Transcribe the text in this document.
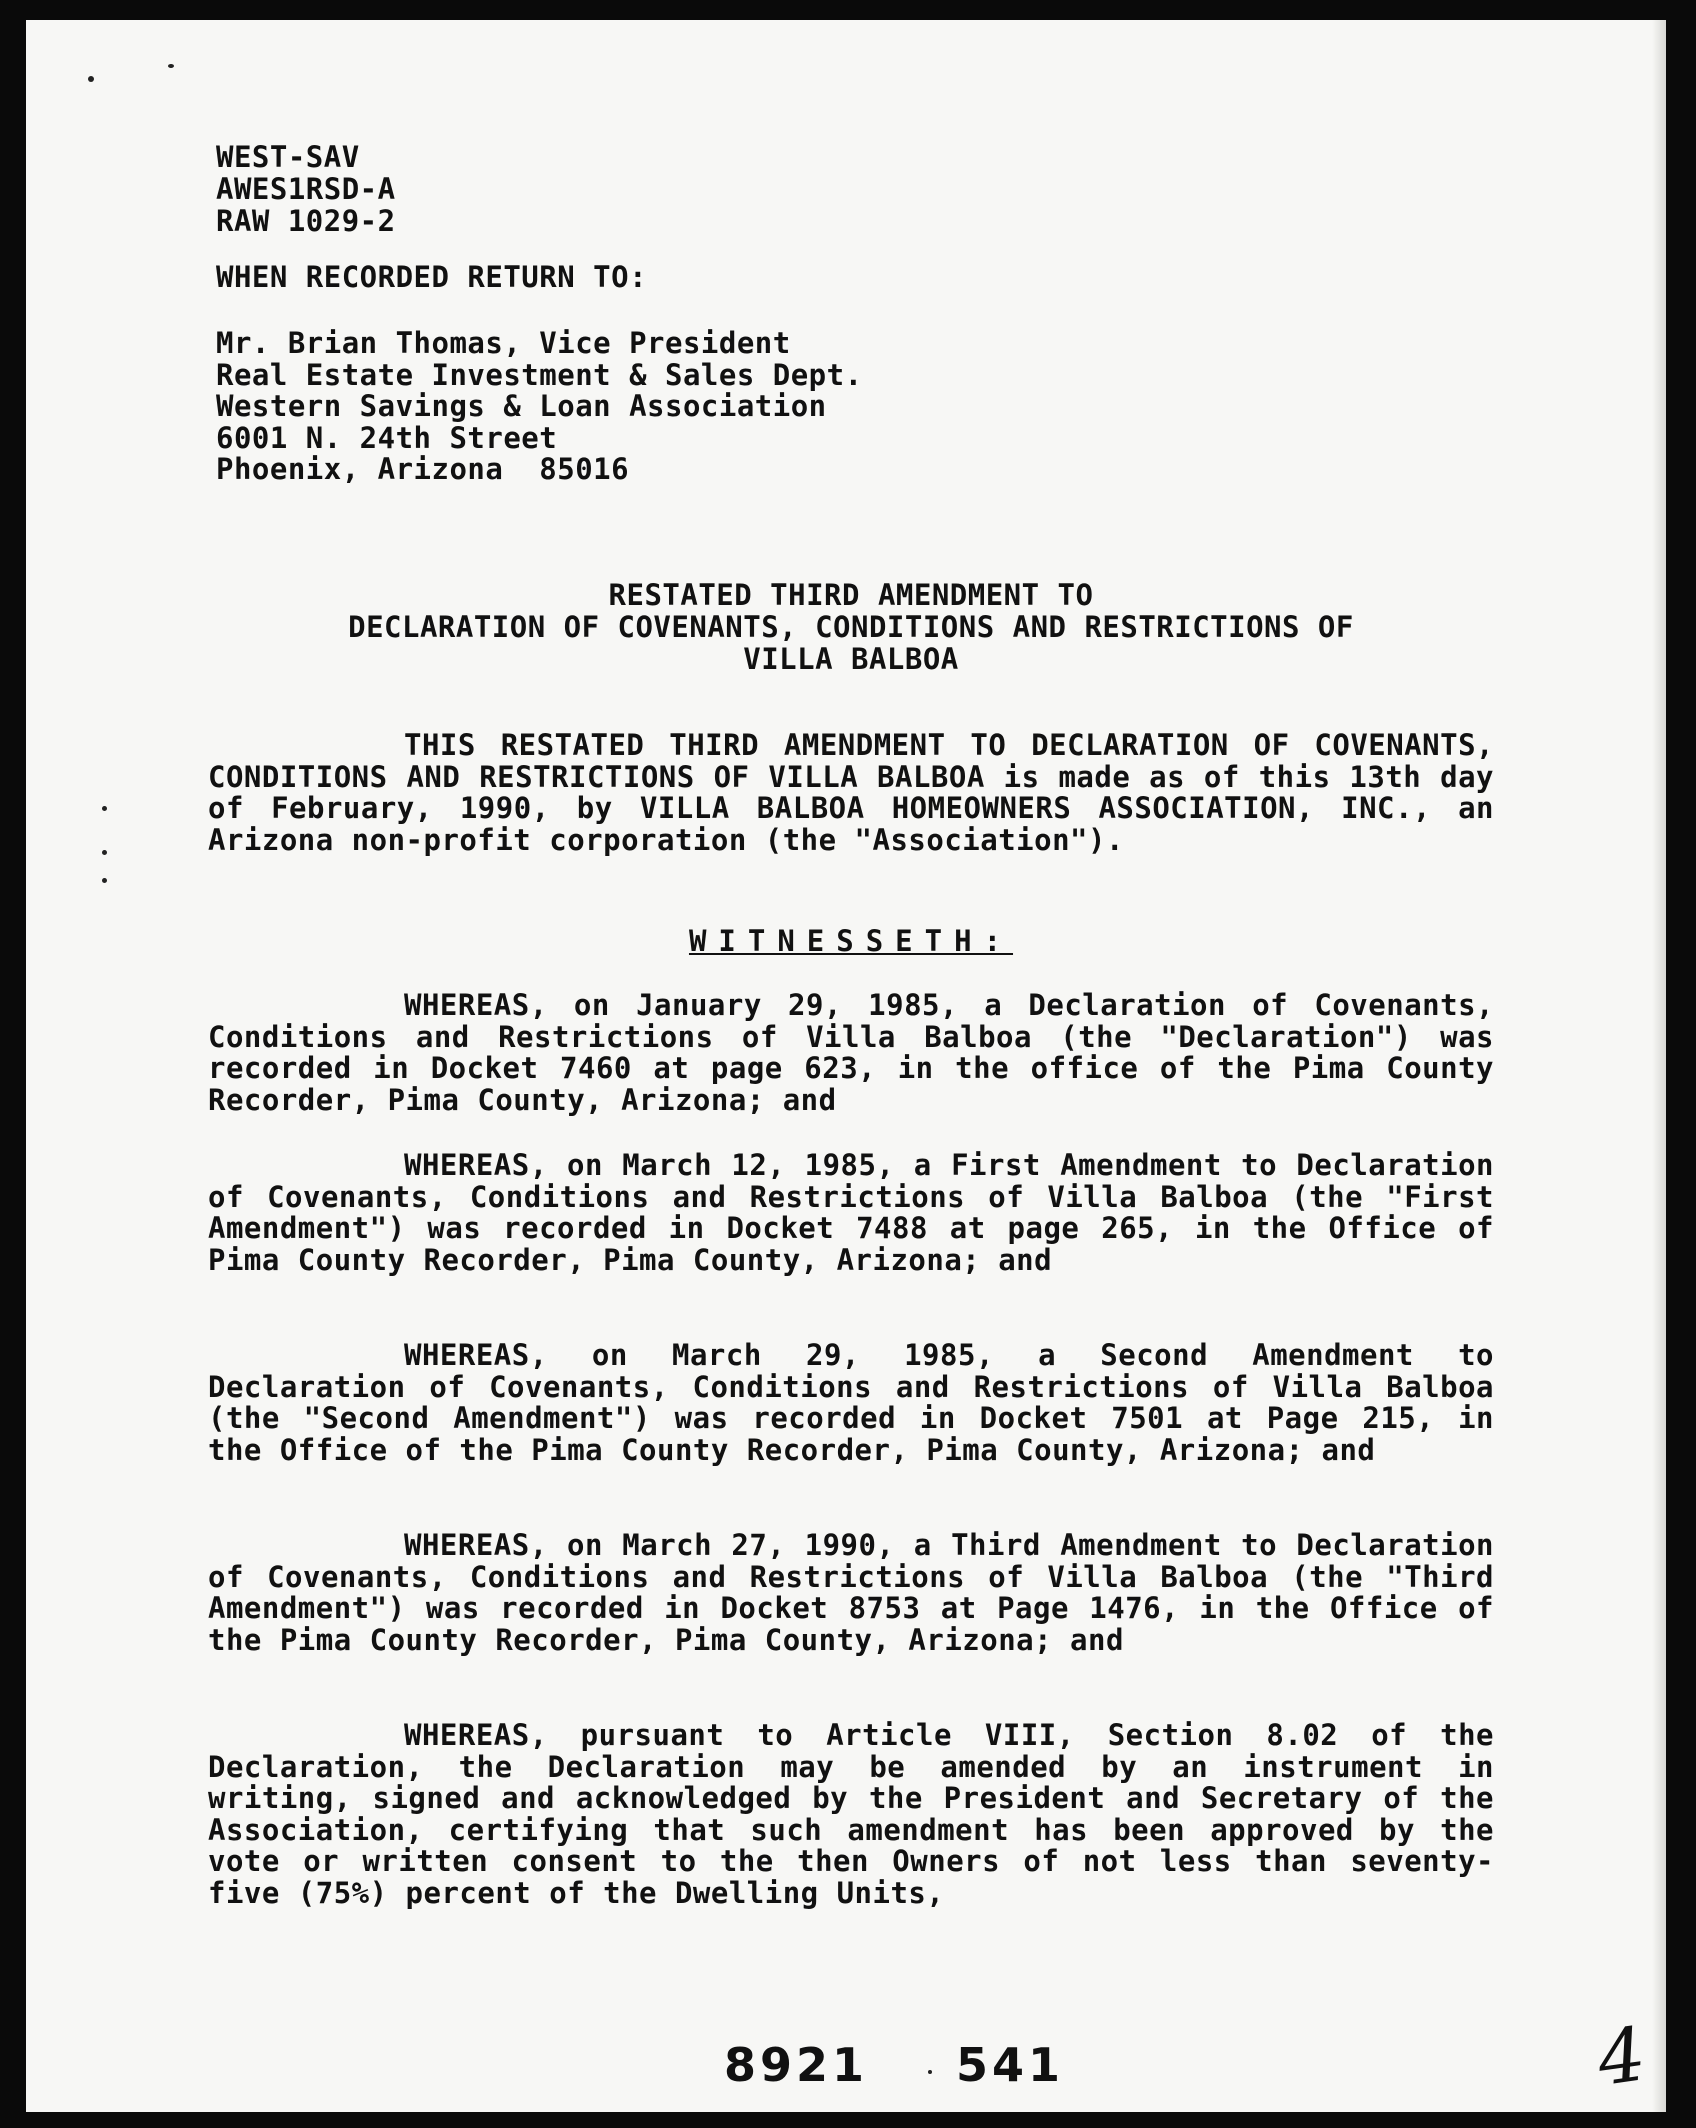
WEST-SAV
AWES1RSD-A
RAW 1029-2
WHEN RECORDED RETURN TO:
Mr. Brian Thomas, Vice President
Real Estate Investment & Sales Dept.
Western Savings & Loan Association
6001 N. 24th Street
Phoenix, Arizona  85016
RESTATED THIRD AMENDMENT TO
DECLARATION OF COVENANTS, CONDITIONS AND RESTRICTIONS OF
VILLA BALBOA
THIS RESTATED THIRD AMENDMENT TO DECLARATION OF COVENANTS, CONDITIONS AND RESTRICTIONS OF VILLA BALBOA is made as of this 13th day of February, 1990, by VILLA BALBOA HOMEOWNERS ASSOCIATION, INC., an Arizona non-profit corporation (the "Association").
WITNESSETH:
WHEREAS, on January 29, 1985, a Declaration of Covenants, Conditions and Restrictions of Villa Balboa (the "Declaration") was recorded in Docket 7460 at page 623, in the office of the Pima County Recorder, Pima County, Arizona; and
WHEREAS, on March 12, 1985, a First Amendment to Declaration of Covenants, Conditions and Restrictions of Villa Balboa (the "First Amendment") was recorded in Docket 7488 at page 265, in the Office of Pima County Recorder, Pima County, Arizona; and
WHEREAS, on March 29, 1985, a Second Amendment to Declaration of Covenants, Conditions and Restrictions of Villa Balboa (the "Second Amendment") was recorded in Docket 7501 at Page 215, in the Office of the Pima County Recorder, Pima County, Arizona; and
WHEREAS, on March 27, 1990, a Third Amendment to Declaration of Covenants, Conditions and Restrictions of Villa Balboa (the "Third Amendment") was recorded in Docket 8753 at Page 1476, in the Office of the Pima County Recorder, Pima County, Arizona; and
WHEREAS, pursuant to Article VIII, Section 8.02 of the Declaration, the Declaration may be amended by an instrument in writing, signed and acknowledged by the President and Secretary of the Association, certifying that such amendment has been approved by the vote or written consent to the then Owners of not less than seventy-five (75%) percent of the Dwelling Units,
8921 541	4
